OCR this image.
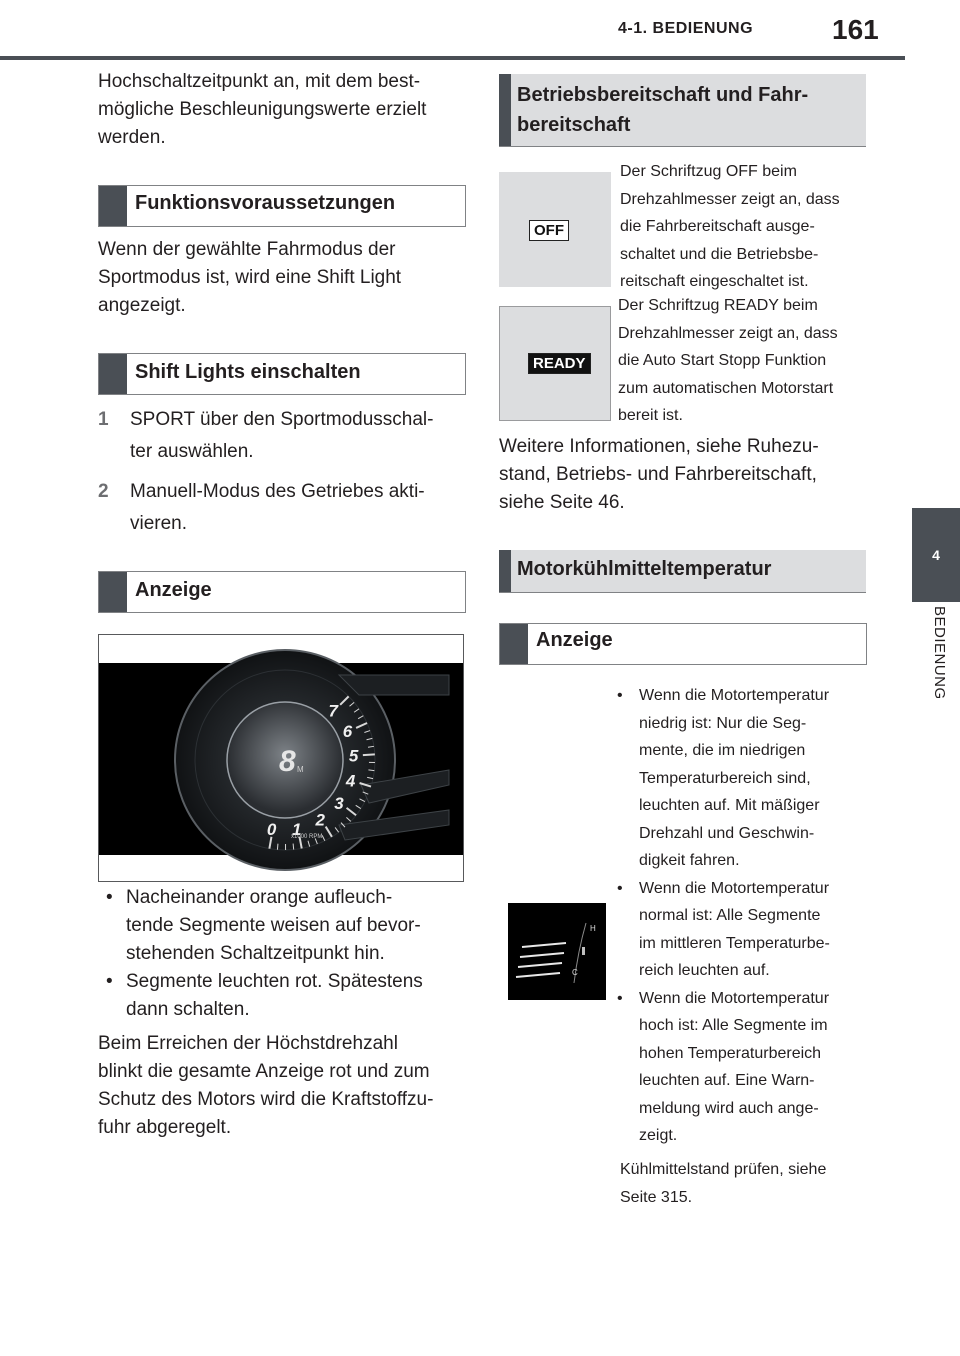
4-1. BEDIENUNG	161
4
BEDIENUNG
Hochschaltzeitpunkt an, mit dem best-
mögliche Beschleunigungswerte erzielt
werden.
Funktionsvoraussetzungen
Wenn der gewählte Fahrmodus der
Sportmodus ist, wird eine Shift Light
angezeigt.
Shift Lights einschalten
1 SPORT über den Sportmodusschal-
ter auswählen.
2 Manuell-Modus des Getriebes akti-
vieren.
Anzeige
0 1 2
3
4
5
6
7
8 M
x1000 RPM
• Nacheinander orange aufleuch-
tende Segmente weisen auf bevor-
stehenden Schaltzeitpunkt hin.
• Segmente leuchten rot. Spätestens
dann schalten.
Beim Erreichen der Höchstdrehzahl
blinkt die gesamte Anzeige rot und zum
Schutz des Motors wird die Kraftstoffzu-
fuhr abgeregelt.
Betriebsbereitschaft und Fahr-
bereitschaft
OFF
Der Schriftzug OFF beim
Drehzahlmesser zeigt an, dass
die Fahrbereitschaft ausge-
schaltet und die Betriebsbe-
reitschaft eingeschaltet ist.
READY
Der Schriftzug READY beim
Drehzahlmesser zeigt an, dass
die Auto Start Stopp Funktion
zum automatischen Motorstart
bereit ist.
Weitere Informationen, siehe Ruhezu-
stand, Betriebs- und Fahrbereitschaft,
siehe Seite 46.
Motorkühlmitteltemperatur
Anzeige
H
C
• Wenn die Motortemperatur
niedrig ist: Nur die Seg-
mente, die im niedrigen
Temperaturbereich sind,
leuchten auf. Mit mäßiger
Drehzahl und Geschwin-
digkeit fahren.
• Wenn die Motortemperatur
normal ist: Alle Segmente
im mittleren Temperaturbe-
reich leuchten auf.
• Wenn die Motortemperatur
hoch ist: Alle Segmente im
hohen Temperaturbereich
leuchten auf. Eine Warn-
meldung wird auch ange-
zeigt.
Kühlmittelstand prüfen, siehe
Seite 315.
